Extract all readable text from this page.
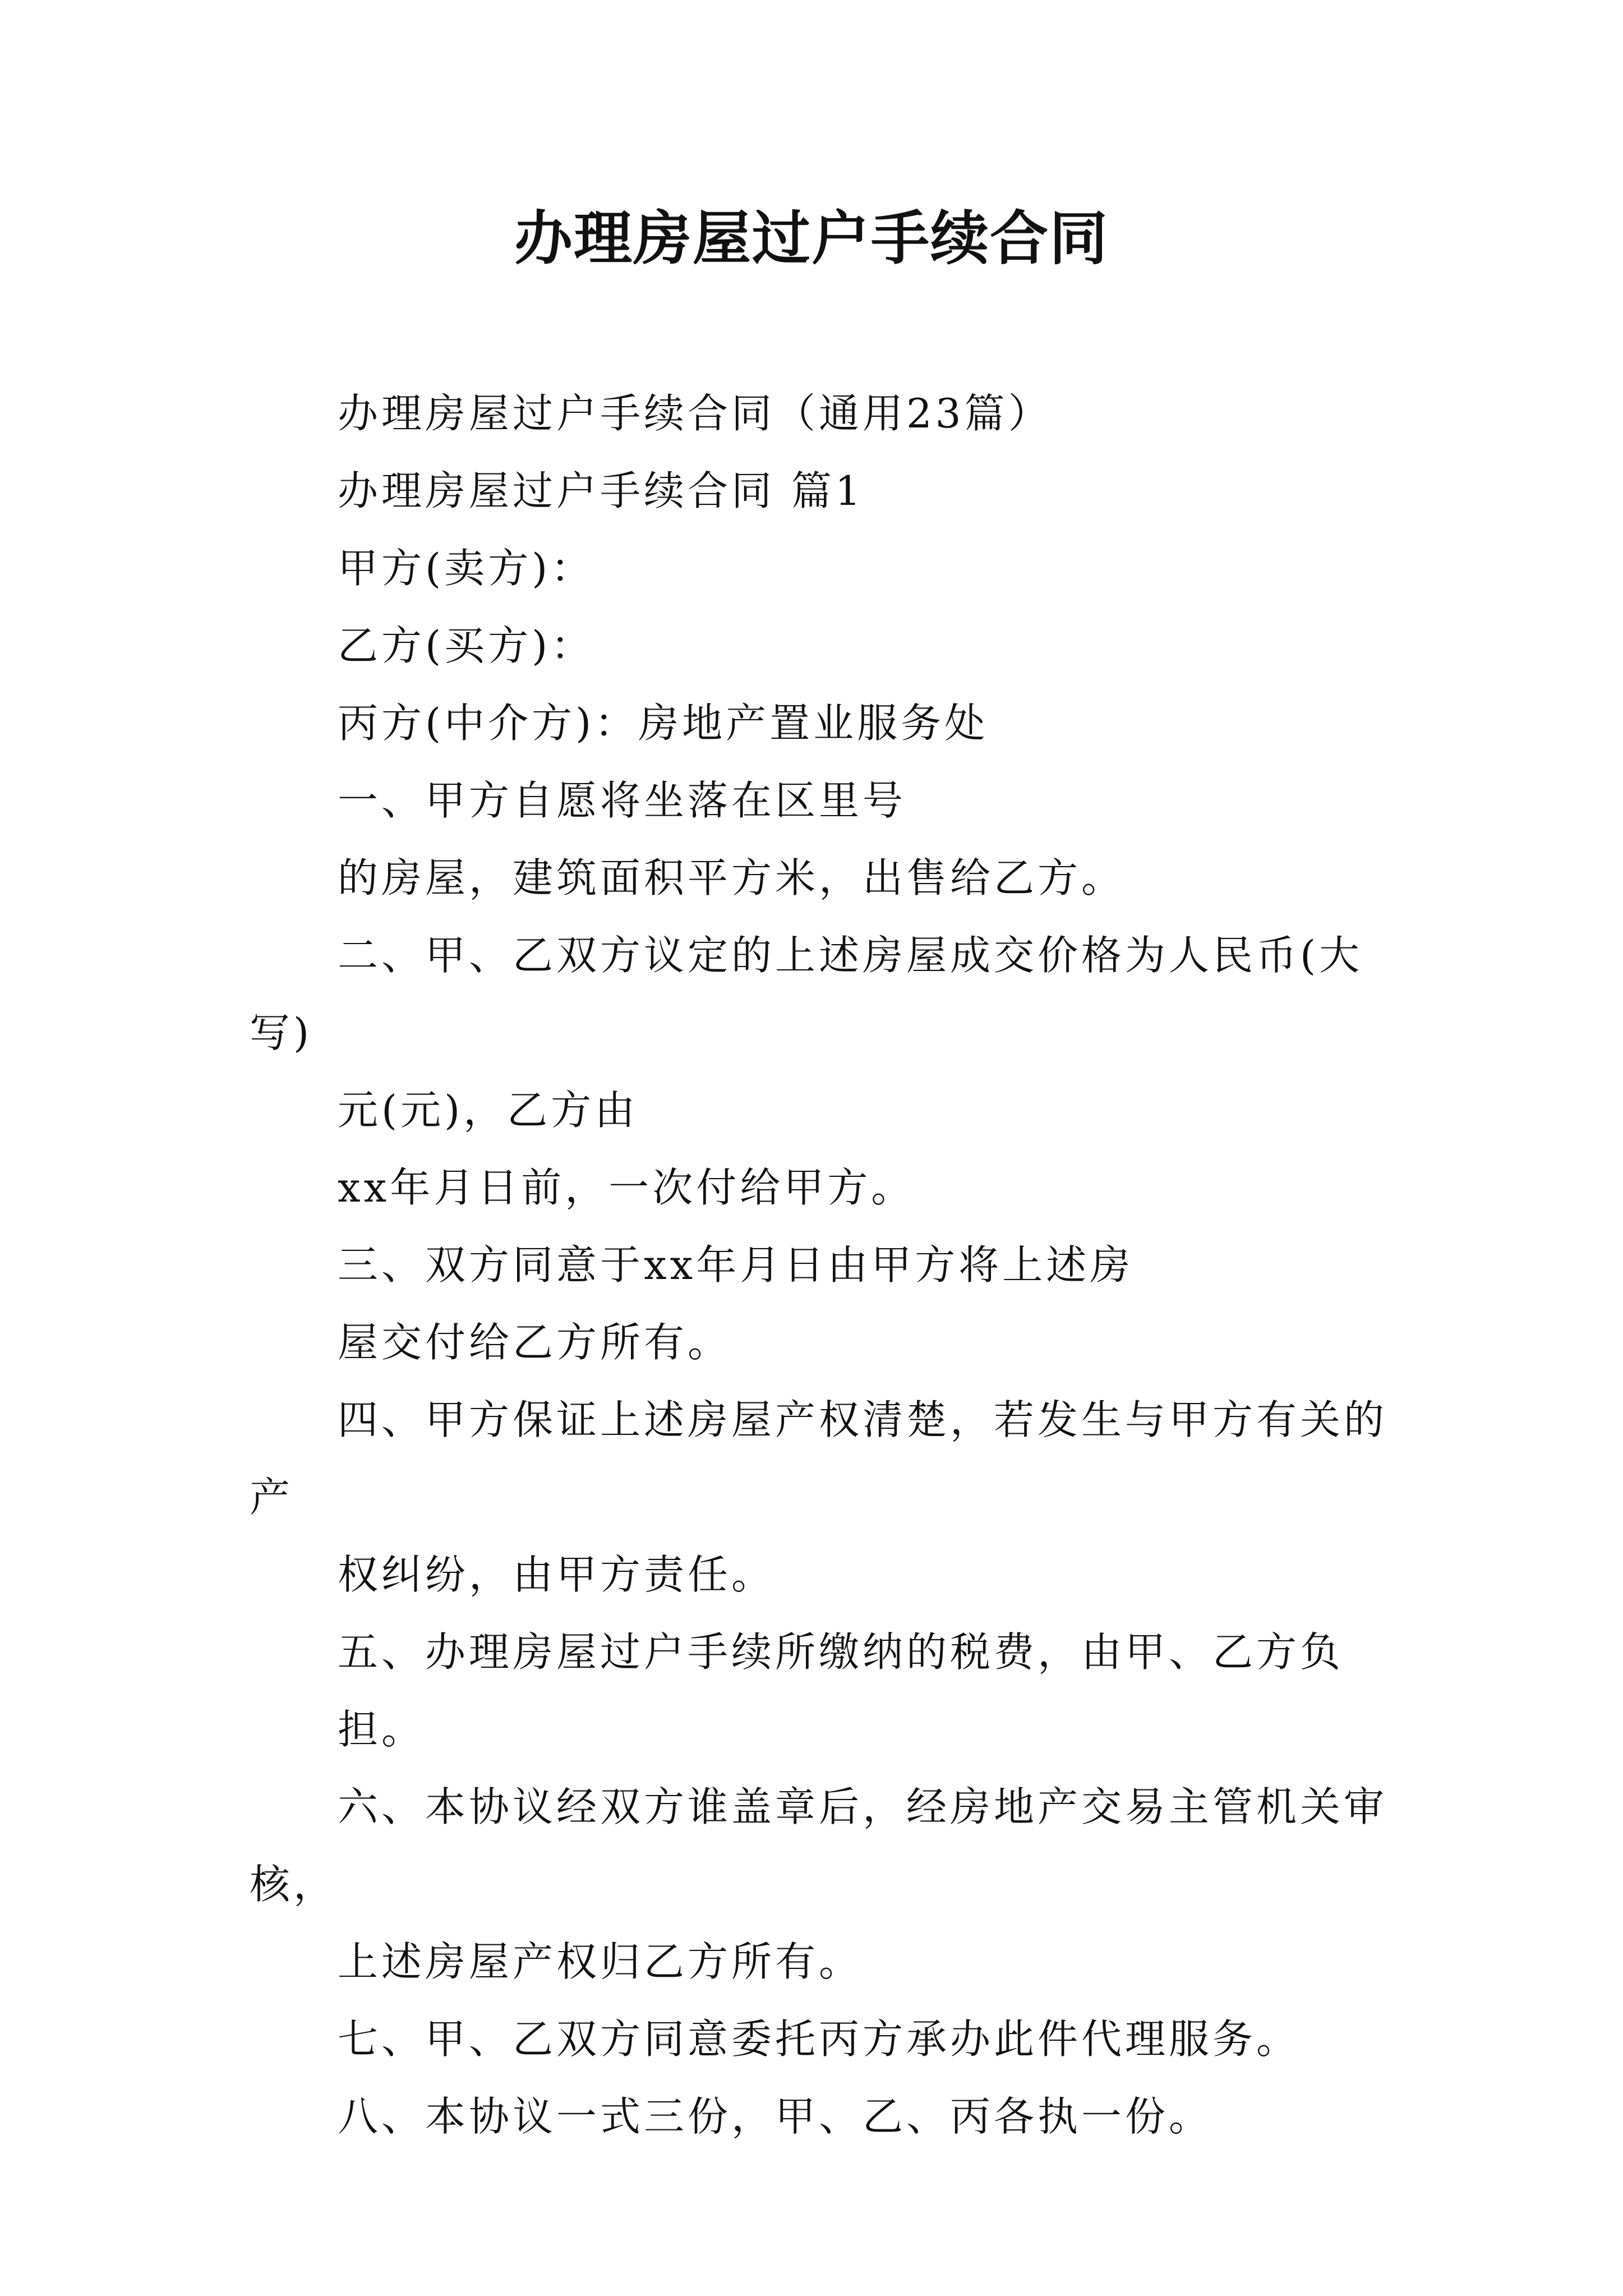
办理房屋过户手续合同

办理房屋过户手续合同（通用23篇）

办理房屋过户手续合同 篇1

甲方(卖方)：

乙方(买方)：

丙方(中介方)：房地产置业服务处

一、甲方自愿将坐落在区里号

的房屋，建筑面积平方米，出售给乙方。

二、甲、乙双方议定的上述房屋成交价格为人民币(大

写)

元(元)，乙方由

xx年月日前，一次付给甲方。

三、双方同意于xx年月日由甲方将上述房

屋交付给乙方所有。

四、甲方保证上述房屋产权清楚，若发生与甲方有关的

产

权纠纷，由甲方责任。

五、办理房屋过户手续所缴纳的税费，由甲、乙方负担。

六、本协议经双方谁盖章后，经房地产交易主管机关审

核，

上述房屋产权归乙方所有。

七、甲、乙双方同意委托丙方承办此件代理服务。

八、本协议一式三份，甲、乙、丙各执一份。
